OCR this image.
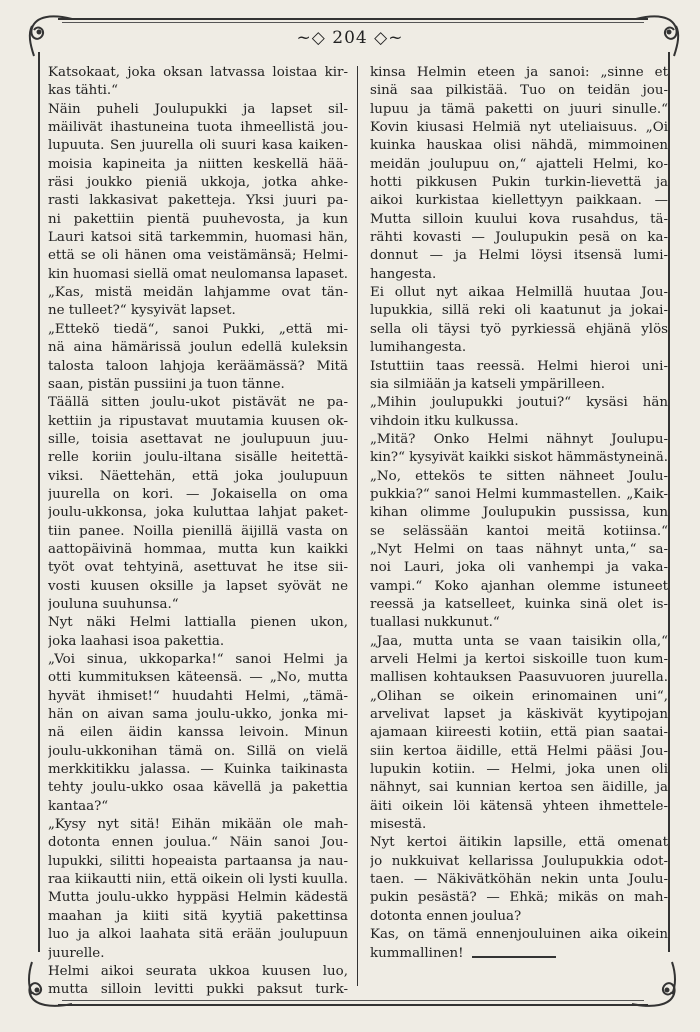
~◇ 204 ◇~
Katsokaat, joka oksan latvassa loistaa kir-
kas tähti.“
Näin puheli Joulupukki ja lapset sil-
mäilivät ihastuneina tuota ihmeellistä jou-
lupuuta. Sen juurella oli suuri kasa kaiken-
moisia kapineita ja niitten keskellä hää-
räsi joukko pieniä ukkoja, jotka ahke-
rasti lakkasivat paketteja. Yksi juuri pa-
ni pakettiin pientä puuhevosta, ja kun
Lauri katsoi sitä tarkemmin, huomasi hän,
että se oli hänen oma veistämänsä; Helmi-
kin huomasi siellä omat neulomansa lapaset.
„Kas, mistä meidän lahjamme ovat tän-
ne tulleet?“ kysyivät lapset.
„Ettekö tiedä“, sanoi Pukki, „että mi-
nä aina hämärissä joulun edellä kuleksin
talosta taloon lahjoja keräämässä? Mitä
saan, pistän pussiini ja tuon tänne.
Täällä sitten joulu-ukot pistävät ne pa-
kettiin ja ripustavat muutamia kuusen ok-
sille, toisia asettavat ne joulupuun juu-
relle koriin joulu-iltana sisälle heitettä-
viksi. Näettehän, että joka joulupuun
juurella on kori. — Jokaisella on oma
joulu-ukkonsa, joka kuluttaa lahjat paket-
tiin panee. Noilla pienillä äijillä vasta on
aattopäivinä hommaa, mutta kun kaikki
työt ovat tehtyinä, asettuvat he itse sii-
vosti kuusen oksille ja lapset syövät ne
jouluna suuhunsa.“
Nyt näki Helmi lattialla pienen ukon,
joka laahasi isoa pakettia.
„Voi sinua, ukkoparka!“ sanoi Helmi ja
otti kummituksen käteensä. — „No, mutta
hyvät ihmiset!“ huudahti Helmi, „tämä-
hän on aivan sama joulu-ukko, jonka mi-
nä eilen äidin kanssa leivoin. Minun
joulu-ukkonihan tämä on. Sillä on vielä
merkkitikku jalassa. — Kuinka taikinasta
tehty joulu-ukko osaa kävellä ja pakettia
kantaa?“
„Kysy nyt sitä! Eihän mikään ole mah-
dotonta ennen joulua.“ Näin sanoi Jou-
lupukki, silitti hopeaista partaansa ja nau-
raa kiikautti niin, että oikein oli lysti kuulla.
Mutta joulu-ukko hyppäsi Helmin kädestä
maahan ja kiiti sitä kyytiä pakettinsa
luo ja alkoi laahata sitä erään joulupuun
juurelle.
Helmi aikoi seurata ukkoa kuusen luo,
mutta silloin levitti pukki paksut turk-
kinsa Helmin eteen ja sanoi: „sinne et
sinä saa pilkistää. Tuo on teidän jou-
lupuu ja tämä paketti on juuri sinulle.“
Kovin kiusasi Helmiä nyt uteliaisuus. „Oi
kuinka hauskaa olisi nähdä, mimmoinen
meidän joulupuu on,“ ajatteli Helmi, ko-
hotti pikkusen Pukin turkin-lievettä ja
aikoi kurkistaa kiellettyyn paikkaan. —
Mutta silloin kuului kova rusahdus, tä-
rähti kovasti — Joulupukin pesä on ka-
donnut — ja Helmi löysi itsensä lumi-
hangesta.
Ei ollut nyt aikaa Helmillä huutaa Jou-
lupukkia, sillä reki oli kaatunut ja jokai-
sella oli täysi työ pyrkiessä ehjänä ylös
lumihangesta.
Istuttiin taas reessä. Helmi hieroi uni-
sia silmiään ja katseli ympärilleen.
„Mihin joulupukki joutui?“ kysäsi hän
vihdoin itku kulkussa.
„Mitä? Onko Helmi nähnyt Joulupu-
kin?“ kysyivät kaikki siskot hämmästyneinä.
„No, ettekös te sitten nähneet Joulu-
pukkia?“ sanoi Helmi kummastellen. „Kaik-
kihan olimme Joulupukin pussissa, kun
se selässään kantoi meitä kotiinsa.“
„Nyt Helmi on taas nähnyt unta,“ sa-
noi Lauri, joka oli vanhempi ja vaka-
vampi.“ Koko ajanhan olemme istuneet
reessä ja katselleet, kuinka sinä olet is-
tuallasi nukkunut.“
„Jaa, mutta unta se vaan taisikin olla,“
arveli Helmi ja kertoi siskoille tuon kum-
mallisen kohtauksen Paasuvuoren juurella.
„Olihan se oikein erinomainen uni“,
arvelivat lapset ja käskivät kyytipojan
ajamaan kiireesti kotiin, että pian saatai-
siin kertoa äidille, että Helmi pääsi Jou-
lupukin kotiin. — Helmi, joka unen oli
nähnyt, sai kunnian kertoa sen äidille, ja
äiti oikein löi kätensä yhteen ihmettele-
misestä.
Nyt kertoi äitikin lapsille, että omenat
jo nukkuivat kellarissa Joulupukkia odot-
taen. — Näkivätköhän nekin unta Joulu-
pukin pesästä? — Ehkä; mikäs on mah-
dotonta ennen joulua?
Kas, on tämä ennenjouluinen aika oikein
kummallinen!
